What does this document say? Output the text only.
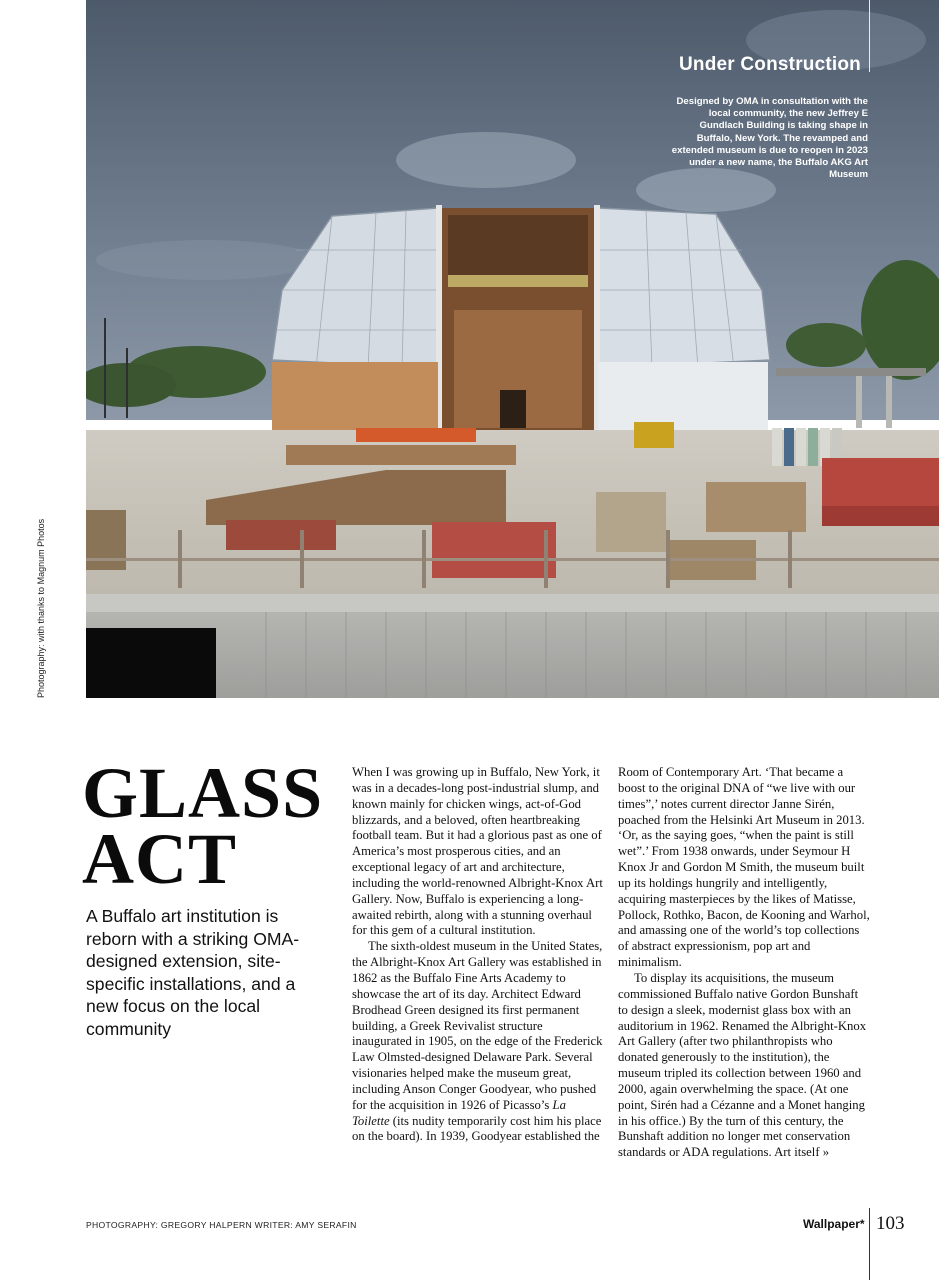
Under Construction
Designed by OMA in consultation with the local community, the new Jeffrey E Gundlach Building is taking shape in Buffalo, New York. The revamped and extended museum is due to reopen in 2023 under a new name, the Buffalo AKG Art Museum
Photography: with thanks to Magnum Photos
GLASS
ACT
A Buffalo art institution is reborn with a striking OMA-designed extension, site-specific installations, and a new focus on the local community

When I was growing up in Buffalo, New York, it was in a decades-long post-industrial slump, and known mainly for chicken wings, act-of-God blizzards, and a beloved, often heartbreaking football team. But it had a glorious past as one of America’s most prosperous cities, and an exceptional legacy of art and architecture, including the world-renowned Albright-Knox Art Gallery. Now, Buffalo is experiencing a long-awaited rebirth, along with a stunning overhaul for this gem of a cultural institution.

The sixth-oldest museum in the United States, the Albright-Knox Art Gallery was established in 1862 as the Buffalo Fine Arts Academy to showcase the art of its day. Architect Edward Brodhead Green designed its first permanent building, a Greek Revivalist structure inaugurated in 1905, on the edge of the Frederick Law Olmsted-designed Delaware Park. Several visionaries helped make the museum great, including Anson Conger Goodyear, who pushed for the acquisition in 1926 of Picasso’s La Toilette (its nudity temporarily cost him his place on the board). In 1939, Goodyear established the

Room of Contemporary Art. ‘That became a boost to the original DNA of “we live with our times”,’ notes current director Janne Sirén, poached from the Helsinki Art Museum in 2013. ‘Or, as the saying goes, “when the paint is still wet”.’ From 1938 onwards, under Seymour H Knox Jr and Gordon M Smith, the museum built up its holdings hungrily and intelligently, acquiring masterpieces by the likes of Matisse, Pollock, Rothko, Bacon, de Kooning and Warhol, and amassing one of the world’s top collections of abstract expressionism, pop art and minimalism.

To display its acquisitions, the museum commissioned Buffalo native Gordon Bunshaft to design a sleek, modernist glass box with an auditorium in 1962. Renamed the Albright-Knox Art Gallery (after two philanthropists who donated generously to the institution), the museum tripled its collection between 1960 and 2000, again overwhelming the space. (At one point, Sirén had a Cézanne and a Monet hanging in his office.) By the turn of this century, the Bunshaft addition no longer met conservation standards or ADA regulations. Art itself »

PHOTOGRAPHY: GREGORY HALPERN WRITER: AMY SERAFIN	Wallpaper* 103
